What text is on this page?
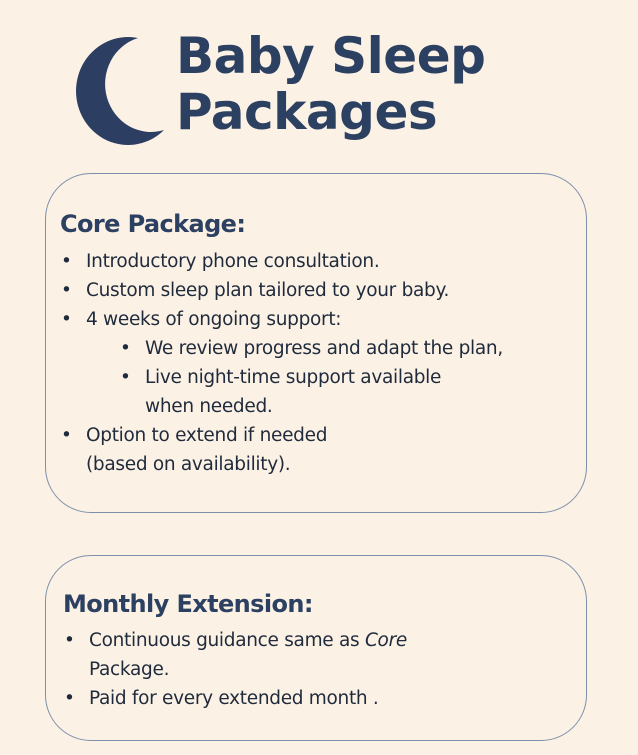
Baby Sleep
Packages
Core Package:
• Introductory phone consultation.
• Custom sleep plan tailored to your baby.
• 4 weeks of ongoing support:
• We review progress and adapt the plan,
• Live night-time support available
when needed.
• Option to extend if needed
(based on availability).
Monthly Extension:
• Continuous guidance same as Core
Package.
• Paid for every extended month .
